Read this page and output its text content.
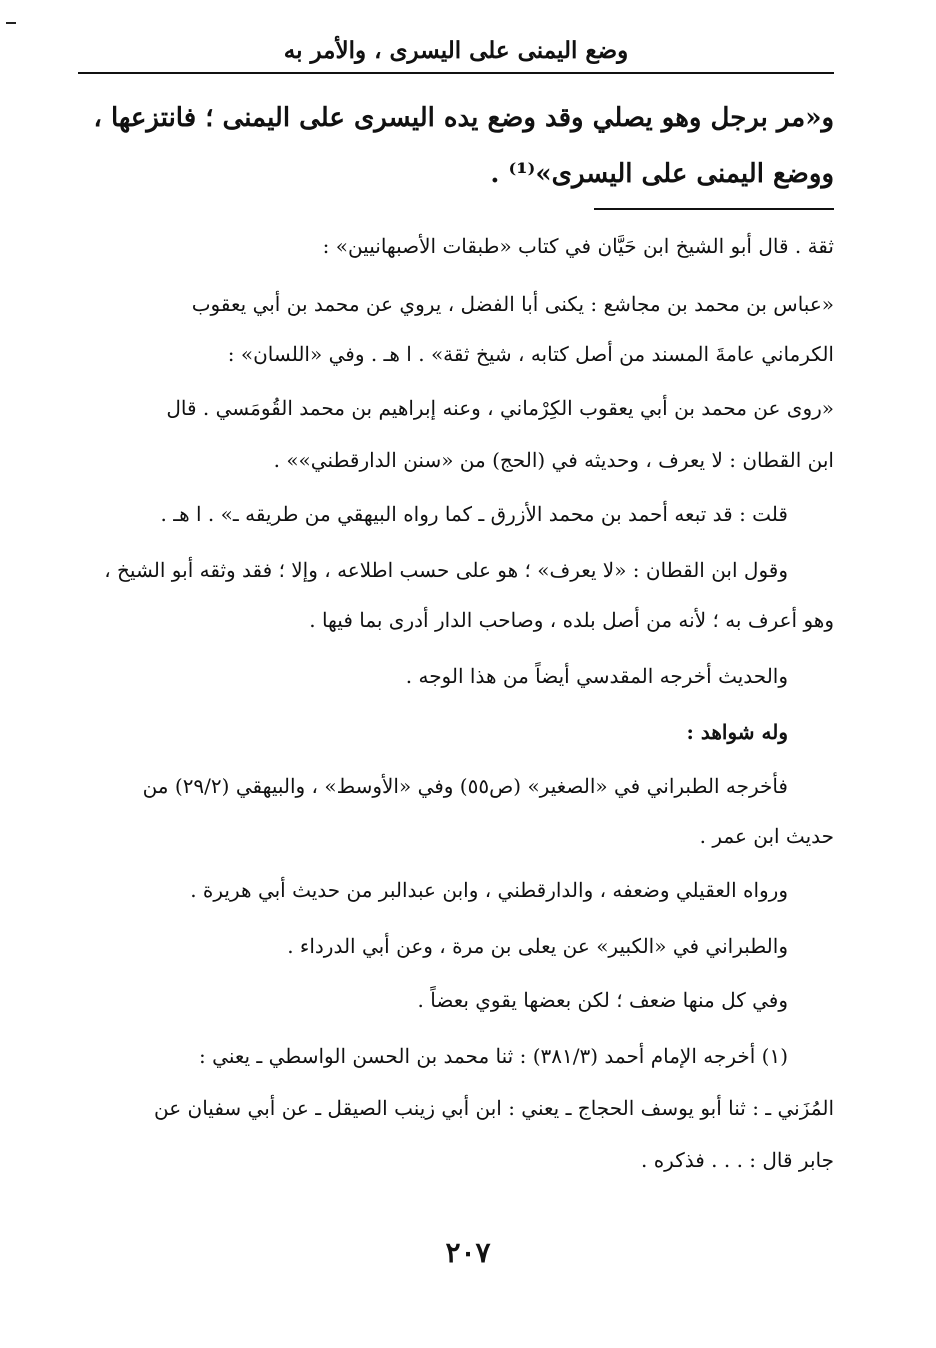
وضع اليمنى على اليسرى ، والأمر به

و«مر برجل وهو يصلي وقد وضع يده اليسرى على اليمنى ؛ فانتزعها ،

ووضع اليمنى على اليسرى»⁽¹⁾ .

ثقة . قال أبو الشيخ ابن حَيَّان في كتاب «طبقات الأصبهانيين» :

«عباس بن محمد بن مجاشع : يكنى أبا الفضل ، يروي عن محمد بن أبي يعقوب

الكرماني عامةَ المسند من أصل كتابه ، شيخ ثقة» . ا هـ . وفي «اللسان» :

«روى عن محمد بن أبي يعقوب الكِرْماني ، وعنه إبراهيم بن محمد القُومَسي . قال

ابن القطان : لا يعرف ، وحديثه في (الحج) من «سنن الدارقطني»» .

قلت : قد تبعه أحمد بن محمد الأزرق ـ كما رواه البيهقي من طريقه ـ» . ا هـ .

وقول ابن القطان : «لا يعرف» ؛ هو على حسب اطلاعه ، وإلا ؛ فقد وثقه أبو الشيخ ،

وهو أعرف به ؛ لأنه من أصل بلده ، وصاحب الدار أدرى بما فيها .

والحديث أخرجه المقدسي أيضاً من هذا الوجه .

وله شواهد :

فأخرجه الطبراني في «الصغير» (ص٥٥) وفي «الأوسط» ، والبيهقي (٢٩/٢) من

حديث ابن عمر .

ورواه العقيلي وضعفه ، والدارقطني ، وابن عبدالبر من حديث أبي هريرة .

والطبراني في «الكبير» عن يعلى بن مرة ، وعن أبي الدرداء .

وفي كل منها ضعف ؛ لكن بعضها يقوي بعضاً .

(١) أخرجه الإمام أحمد (٣٨١/٣) : ثنا محمد بن الحسن الواسطي ـ يعني :

المُزَني ـ : ثنا أبو يوسف الحجاج ـ يعني : ابن أبي زينب الصيقل ـ عن أبي سفيان عن

جابر قال : . . . فذكره .

٢٠٧
